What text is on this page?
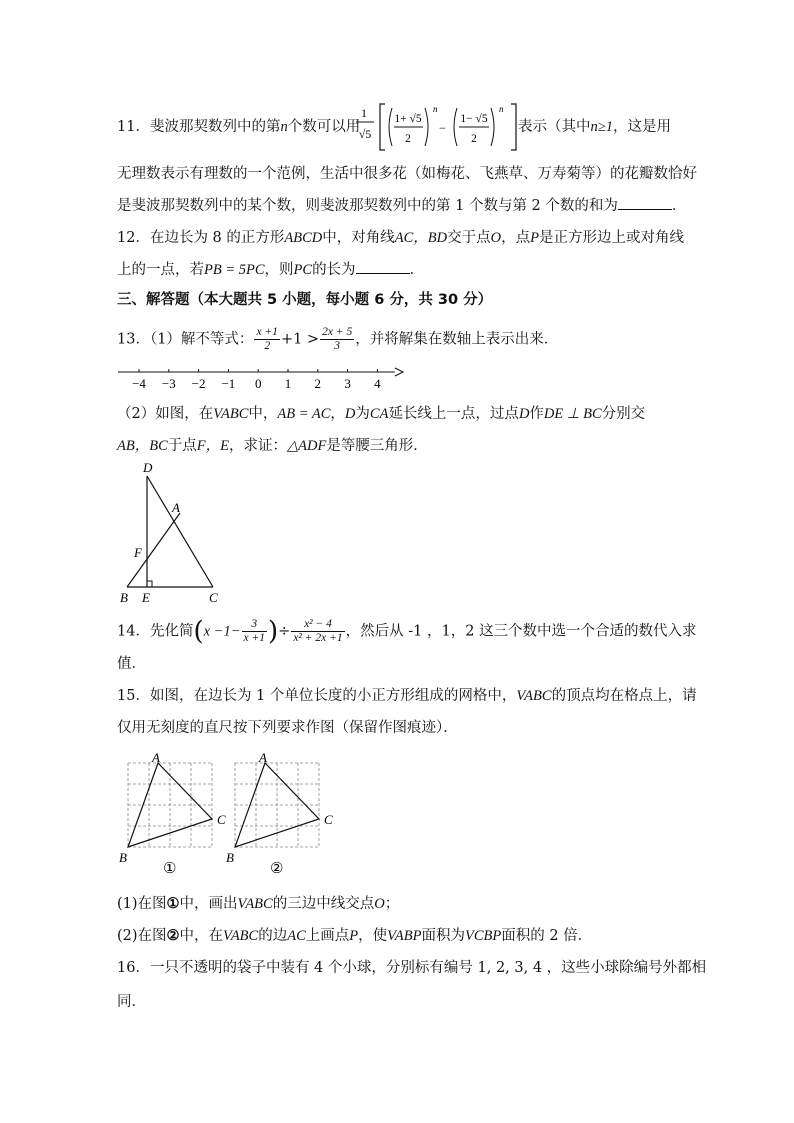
11．斐波那契数列中的第n个数可以用
1
√5
1+ √5
2
n
−
1− √5
2
n
表示（其中n≥1，这是用
无理数表示有理数的一个范例，生活中很多花（如梅花、飞燕草、万寿菊等）的花瓣数恰好
是斐波那契数列中的某个数，则斐波那契数列中的第 1 个数与第 2 个数的和为	．
12．在边长为 8 的正方形ABCD中，对角线AC，BD交于点O，点P是正方形边上或对角线
上的一点，若PB = 5PC，则PC的长为	．
三、解答题（本大题共 5 小题，每小题 6 分，共 30 分）
13．（1）解不等式： $\frac{x +1}{2} +1 > \frac{2x + 5}{3}$ ，并将解集在数轴上表示出来．
−4 −3 −2 −1 0 1 2 3 4
（2）如图，在VABC中，AB = AC，D为CA延长线上一点，过点D作DE ⊥ BC分别交
AB，BC于点F，E，求证：△ADF是等腰三角形．
D
A
F
B E	C
14．先化简($x -1- \frac{3}{x +1}$ )÷ $\frac{\text{x² − 4}}{\text{x² + 2x +1}}$ ，然后从 -1 ，1，2 这三个数中选一个合适的数代入求
值．
15．如图，在边长为 1 个单位长度的小正方形组成的网格中，VABC的顶点均在格点上，请
仅用无刻度的直尺按下列要求作图（保留作图痕迹）．
A
B
C
①
A
B
C
②
(1)在图①中，画出VABC的三边中线交点O；
(2)在图②中，在VABC的边AC上画点P，使VABP面积为VCBP面积的 2 倍．
16．一只不透明的袋子中装有 4 个小球，分别标有编号 1, 2, 3, 4 ，这些小球除编号外都相
同．
